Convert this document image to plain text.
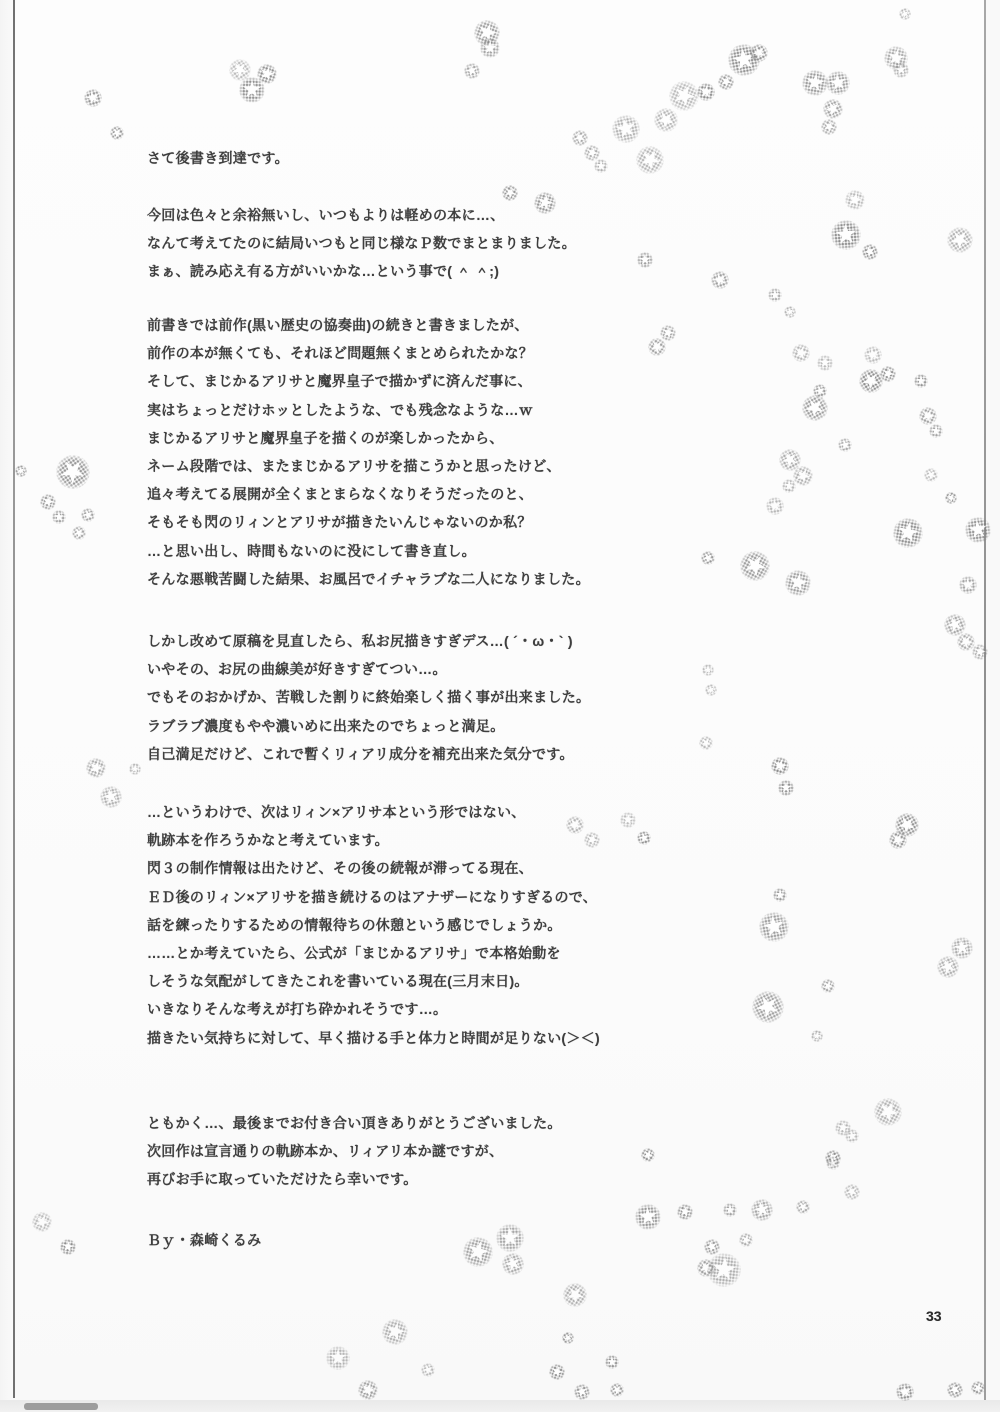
さて後書き到達です。
今回は色々と余裕無いし、いつもよりは軽めの本に…、
なんて考えてたのに結局いつもと同じ様なＰ数でまとまりました。
まぁ、読み応え有る方がいいかな…という事で( ＾ ＾;)
前書きでは前作(黒い歴史の協奏曲)の続きと書きましたが、
前作の本が無くても、それほど問題無くまとめられたかな？
そして、まじかるアリサと魔界皇子で描かずに済んだ事に、
実はちょっとだけホッとしたような、でも残念なような…ｗ
まじかるアリサと魔界皇子を描くのが楽しかったから、
ネーム段階では、またまじかるアリサを描こうかと思ったけど、
追々考えてる展開が全くまとまらなくなりそうだったのと、
そもそも閃のリィンとアリサが描きたいんじゃないのか私？
…と思い出し、時間もないのに没にして書き直し。
そんな悪戦苦闘した結果、お風呂でイチャラブな二人になりました。
しかし改めて原稿を見直したら、私お尻描きすぎデス…( ´・ω・` )
いやその、お尻の曲線美が好きすぎてつい…。
でもそのおかげか、苦戦した割りに終始楽しく描く事が出来ました。
ラブラブ濃度もやや濃いめに出来たのでちょっと満足。
自己満足だけど、これで暫くリィアリ成分を補充出来た気分です。
…というわけで、次はリィン×アリサ本という形ではない、
軌跡本を作ろうかなと考えています。
閃３の制作情報は出たけど、その後の続報が滞ってる現在、
ＥＤ後のリィン×アリサを描き続けるのはアナザーになりすぎるので、
話を練ったりするための情報待ちの休憩という感じでしょうか。
……とか考えていたら、公式が「まじかるアリサ」で本格始動を
しそうな気配がしてきたこれを書いている現在(三月末日)。
いきなりそんな考えが打ち砕かれそうです…。
描きたい気持ちに対して、早く描ける手と体力と時間が足りない(＞＜)
ともかく…、最後までお付き合い頂きありがとうございました。
次回作は宣言通りの軌跡本か、リィアリ本か謎ですが、
再びお手に取っていただけたら幸いです。
Ｂｙ・森崎くるみ
33
